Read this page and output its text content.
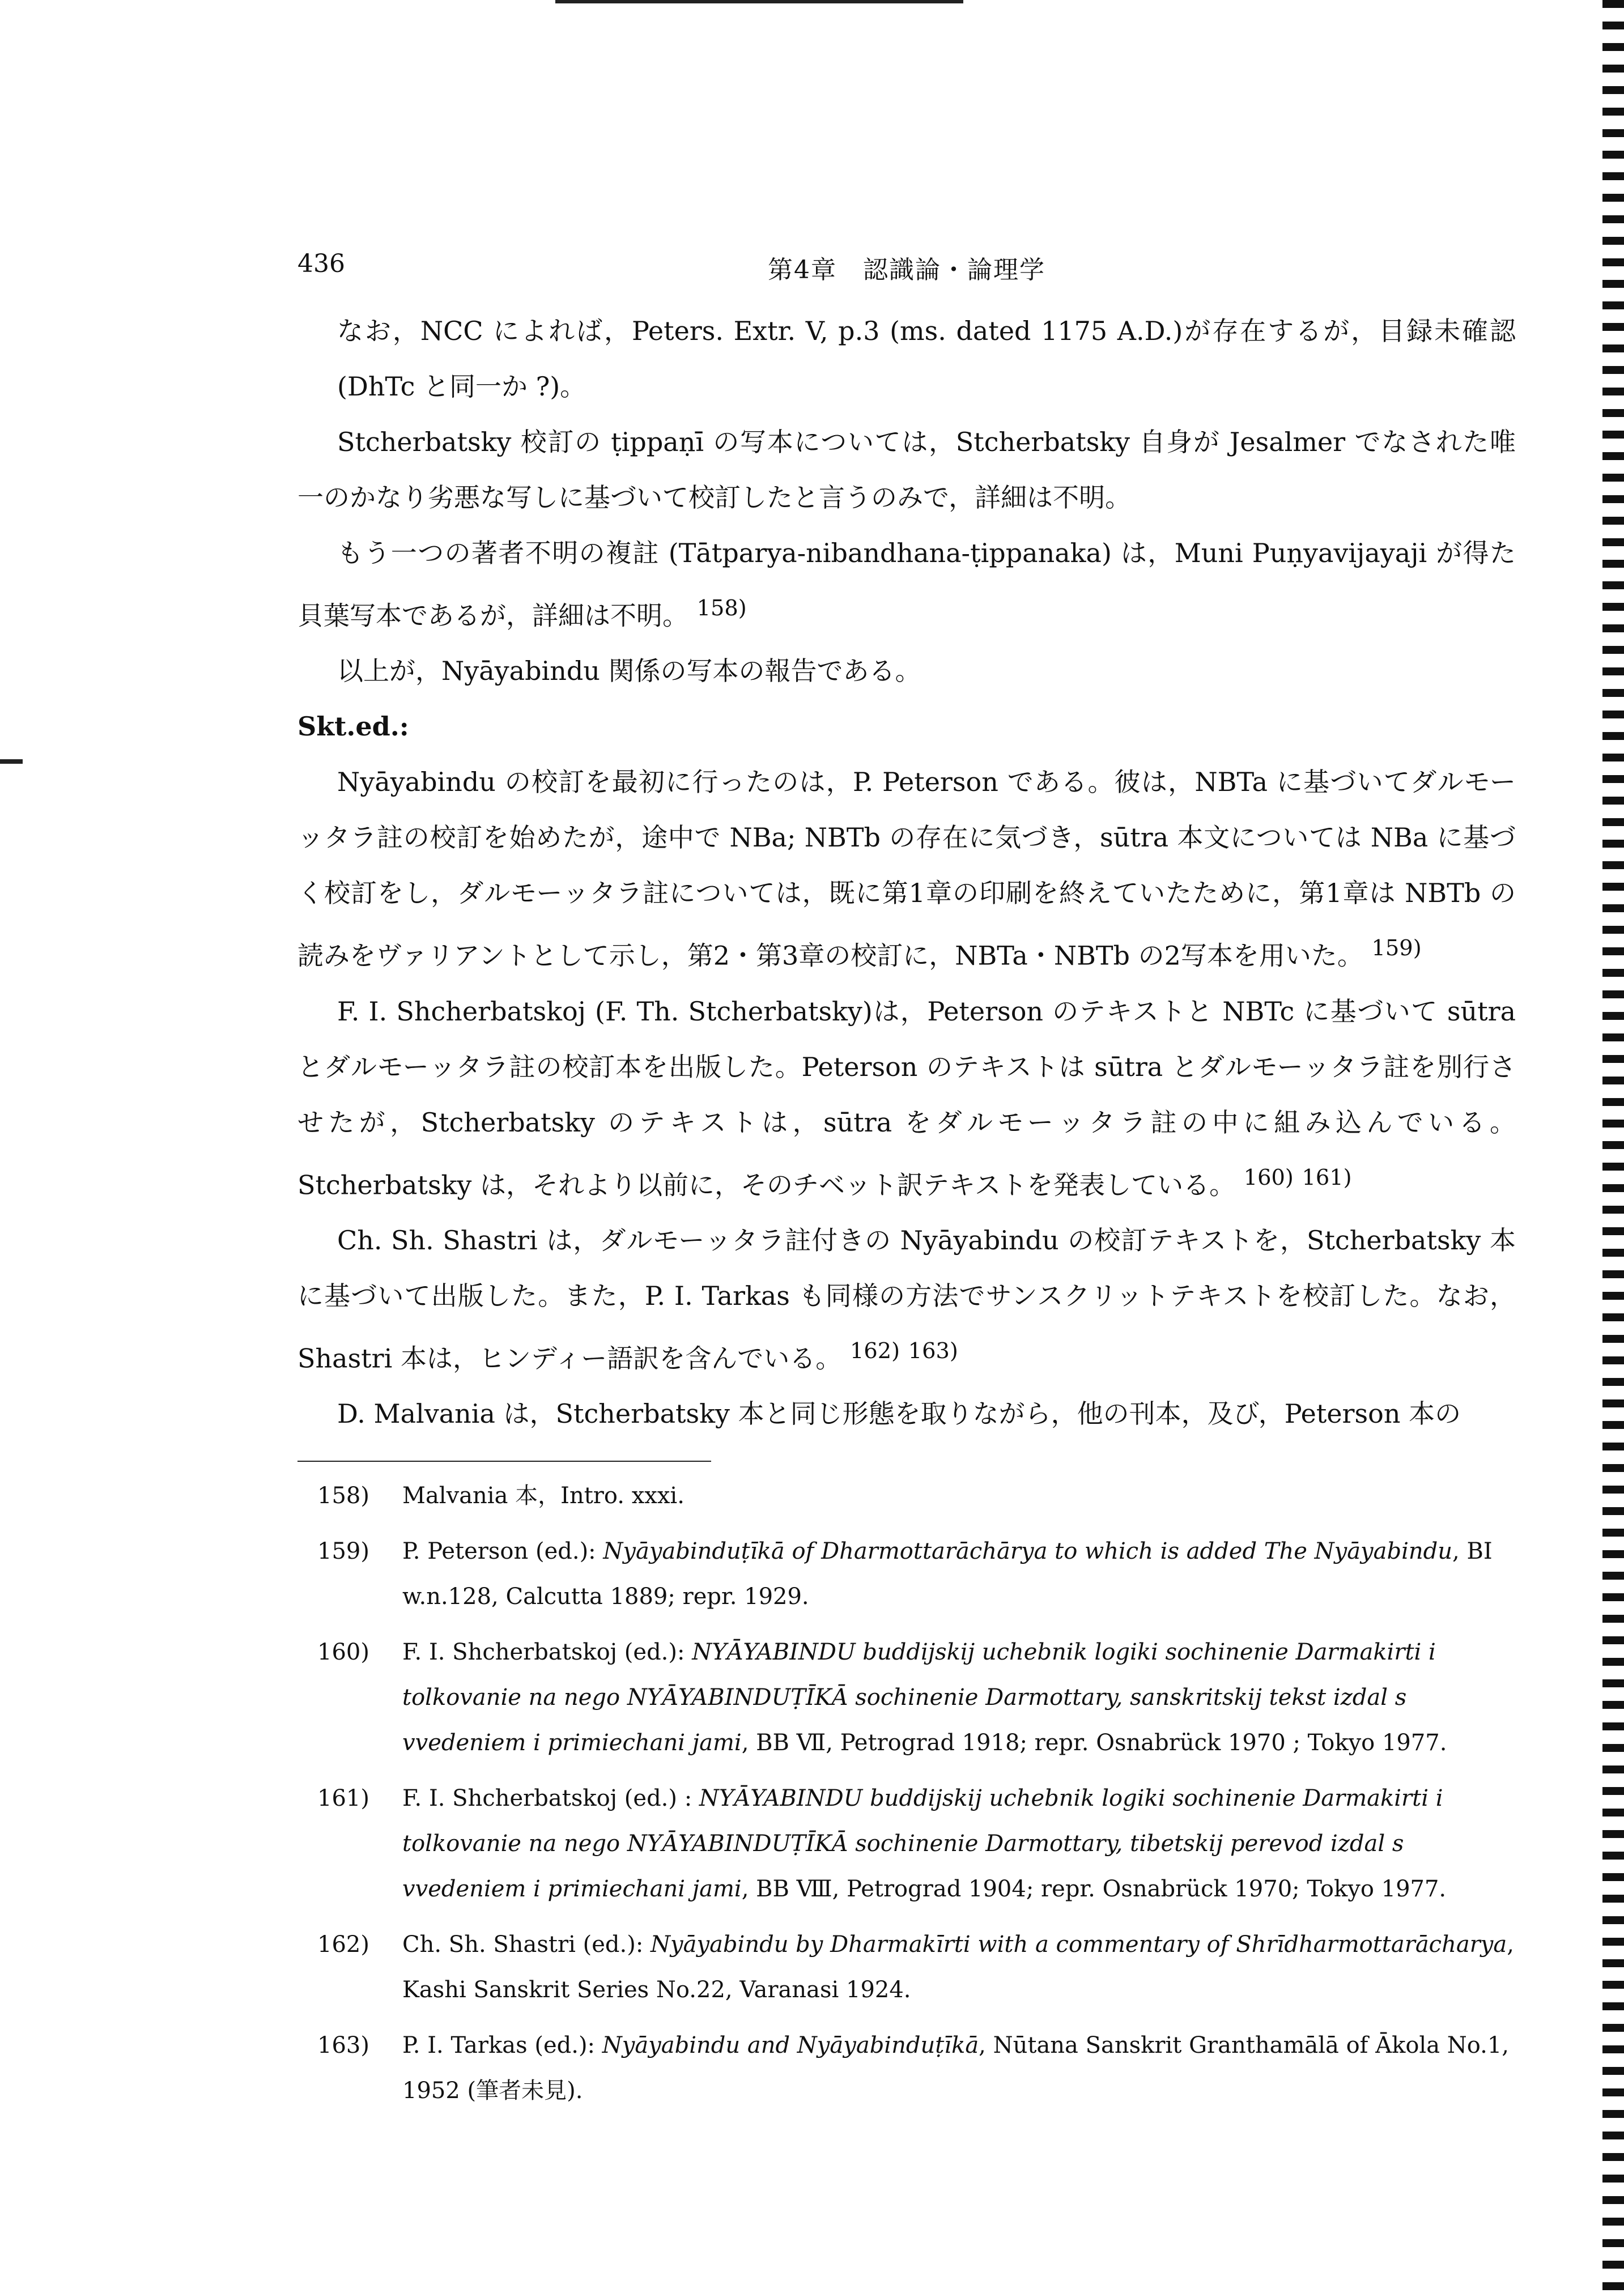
436	第4章　認識論・論理学

なお，NCC によれば，Peters. Extr. V, p.3 (ms. dated 1175 A.D.)が存在するが，目録未確認 (DhTc と同一か ?)。

Stcherbatsky 校訂の ṭippaṇī の写本については，Stcherbatsky 自身が Jesalmer でなされた唯一のかなり劣悪な写しに基づいて校訂したと言うのみで，詳細は不明。

もう一つの著者不明の複註 (Tātparya-nibandhana-ṭippanaka) は，Muni Puṇyavijayaji が得た貝葉写本であるが，詳細は不明。 $^{158)}$

以上が，Nyāyabindu 関係の写本の報告である。

Skt.ed.:

Nyāyabindu の校訂を最初に行ったのは，P. Peterson である。彼は，NBTa に基づいてダルモーッタラ註の校訂を始めたが，途中で NBa; NBTb の存在に気づき，sūtra 本文については NBa に基づく校訂をし，ダルモーッタラ註については，既に第1章の印刷を終えていたために，第1章は NBTb の読みをヴァリアントとして示し，第2・第3章の校訂に，NBTa・NBTb の2写本を用いた。 $^{159)}$

F. I. Shcherbatskoj (F. Th. Stcherbatsky)は，Peterson のテキストと NBTc に基づいて sūtra とダルモーッタラ註の校訂本を出版した。Peterson のテキストは sūtra とダルモーッタラ註を別行させたが，Stcherbatsky のテキストは，sūtra をダルモーッタラ註の中に組み込んでいる。Stcherbatsky は，それより以前に，そのチベット訳テキストを発表している。 $^{160)}$ $^{161)}$

Ch. Sh. Shastri は，ダルモーッタラ註付きの Nyāyabindu の校訂テキストを，Stcherbatsky 本に基づいて出版した。また，P. I. Tarkas も同様の方法でサンスクリットテキストを校訂した。なお，Shastri 本は，ヒンディー語訳を含んでいる。 $^{162)}$ $^{163)}$

D. Malvania は，Stcherbatsky 本と同じ形態を取りながら，他の刊本，及び，Peterson 本の

158) Malvania 本，Intro. xxxi.

159) P. Peterson (ed.): Nyāyabinduṭīkā of Dharmottarāchārya to which is added The Nyāyabindu, BI w.n.128, Calcutta 1889; repr. 1929.

160) F. I. Shcherbatskoj (ed.): NYĀYABINDU buddijskij uchebnik logiki sochinenie Darmakirti i tolkovanie na nego NYĀYABINDUṬĪKĀ sochinenie Darmottary, sanskritskij tekst izdal s vvedeniem i primiechani jami, BB Ⅶ, Petrograd 1918; repr. Osnabrück 1970 ; Tokyo 1977.

161) F. I. Shcherbatskoj (ed.) : NYĀYABINDU buddijskij uchebnik logiki sochinenie Darmakirti i tolkovanie na nego NYĀYABINDUṬĪKĀ sochinenie Darmottary, tibetskij perevod izdal s vvedeniem i primiechani jami, BB Ⅷ, Petrograd 1904; repr. Osnabrück 1970; Tokyo 1977.

162) Ch. Sh. Shastri (ed.): Nyāyabindu by Dharmakīrti with a commentary of Shrīdharmottarācharya, Kashi Sanskrit Series No.22, Varanasi 1924.

163) P. I. Tarkas (ed.): Nyāyabindu and Nyāyabinduṭīkā, Nūtana Sanskrit Granthamālā of Ākola No.1, 1952 (筆者未見).
